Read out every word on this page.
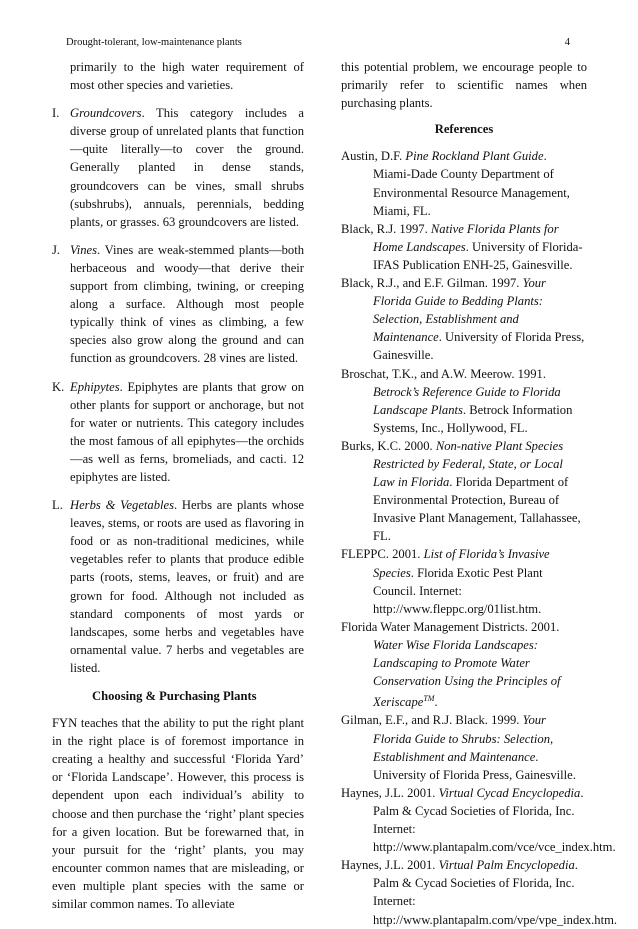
Drought-tolerant, low-maintenance plants	4

primarily to the high water requirement of most other species and varieties.

I. Groundcovers. This category includes a diverse group of unrelated plants that function—quite literally—to cover the ground. Generally planted in dense stands, groundcovers can be vines, small shrubs (subshrubs), annuals, perennials, bedding plants, or grasses. 63 groundcovers are listed.
J. Vines. Vines are weak-stemmed plants—both herbaceous and woody—that derive their support from climbing, twining, or creeping along a surface. Although most people typically think of vines as climbing, a few species also grow along the ground and can function as groundcovers. 28 vines are listed.
K. Ephipytes. Epiphytes are plants that grow on other plants for support or anchorage, but not for water or nutrients. This category includes the most famous of all epiphytes—the orchids—as well as ferns, bromeliads, and cacti. 12 epiphytes are listed.
L. Herbs & Vegetables. Herbs are plants whose leaves, stems, or roots are used as flavoring in food or as non-traditional medicines, while vegetables refer to plants that produce edible parts (roots, stems, leaves, or fruit) and are grown for food. Although not included as standard components of most yards or landscapes, some herbs and vegetables have ornamental value. 7 herbs and vegetables are listed.
Choosing & Purchasing Plants

FYN teaches that the ability to put the right plant in the right place is of foremost importance in creating a healthy and successful ‘Florida Yard’ or ‘Florida Landscape’. However, this process is dependent upon each individual’s ability to choose and then purchase the ‘right’ plant species for a given location. But be forewarned that, in your pursuit for the ‘right’ plants, you may encounter common names that are misleading, or even multiple plant species with the same or similar common names. To alleviate

this potential problem, we encourage people to primarily refer to scientific names when purchasing plants.

References

Austin, D.F. Pine Rockland Plant Guide. Miami-Dade County Department of Environmental Resource Management, Miami, FL.

Black, R.J. 1997. Native Florida Plants for Home Landscapes. University of Florida-IFAS Publication ENH-25, Gainesville.

Black, R.J., and E.F. Gilman. 1997. Your Florida Guide to Bedding Plants: Selection, Establishment and Maintenance. University of Florida Press, Gainesville.

Broschat, T.K., and A.W. Meerow. 1991. Betrock’s Reference Guide to Florida Landscape Plants. Betrock Information Systems, Inc., Hollywood, FL.

Burks, K.C. 2000. Non-native Plant Species Restricted by Federal, State, or Local Law in Florida. Florida Department of Environmental Protection, Bureau of Invasive Plant Management, Tallahassee, FL.

FLEPPC. 2001. List of Florida’s Invasive Species. Florida Exotic Pest Plant Council. Internet: http://www.fleppc.org/01list.htm.

Florida Water Management Districts. 2001. Water Wise Florida Landscapes: Landscaping to Promote Water Conservation Using the Principles of Xeriscape™.

Gilman, E.F., and R.J. Black. 1999. Your Florida Guide to Shrubs: Selection, Establishment and Maintenance. University of Florida Press, Gainesville.

Haynes, J.L. 2001. Virtual Cycad Encyclopedia. Palm & Cycad Societies of Florida, Inc. Internet: http://www.plantapalm.com/vce/vce_index.htm.

Haynes, J.L. 2001. Virtual Palm Encyclopedia. Palm & Cycad Societies of Florida, Inc. Internet: http://www.plantapalm.com/vpe/vpe_index.htm.
